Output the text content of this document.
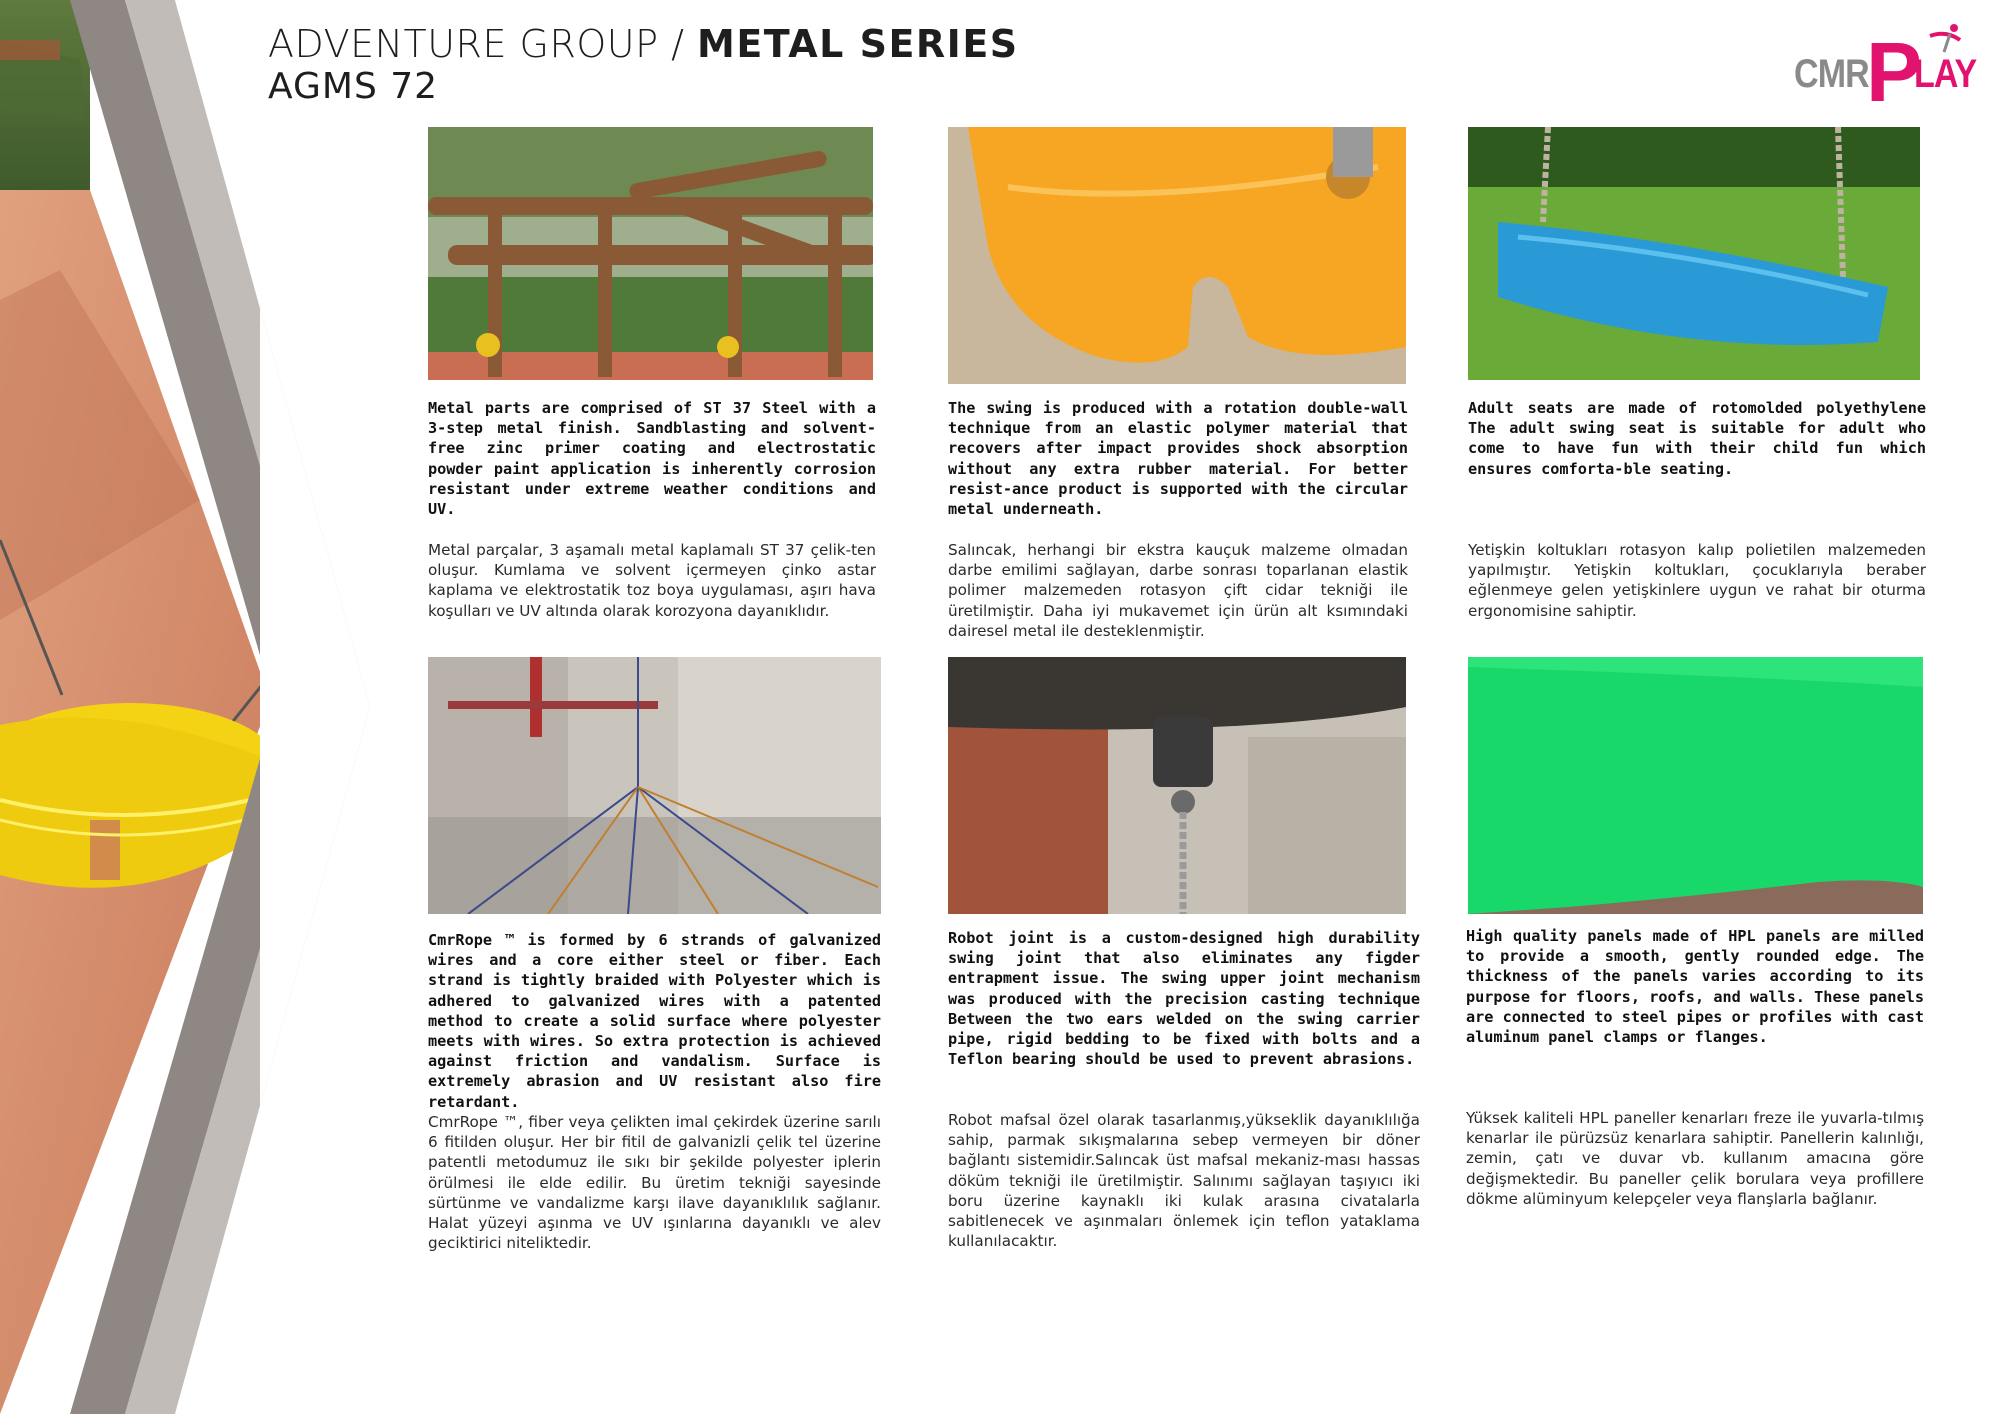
ADVENTURE GROUP / METAL SERIES
AGMS 72	CMR
P
LAY
Metal parts are comprised of ST 37 Steel with a 3-step metal finish. Sandblasting and solvent-free zinc primer coating and electrostatic powder paint application is inherently corrosion resistant under extreme weather conditions and UV.
Metal parçalar, 3 aşamalı metal kaplamalı ST 37 çelik-ten oluşur. Kumlama ve solvent içermeyen çinko astar kaplama ve elektrostatik toz boya uygulaması, aşırı hava koşulları ve UV altında olarak korozyona dayanıklıdır.
The swing is produced with a rotation double-wall technique from an elastic polymer material that recovers after impact provides shock absorption without any extra rubber material. For better resist-ance product is supported with the circular metal underneath.
Salıncak, herhangi bir ekstra kauçuk malzeme olmadan darbe emilimi sağlayan, darbe sonrası toparlanan elastik polimer malzemeden rotasyon çift cidar tekniği ile üretilmiştir. Daha iyi mukavemet için ürün alt ksımındaki dairesel metal ile desteklenmiştir.
Adult seats are made of rotomolded polyethylene The adult swing seat is suitable for adult who come to have fun with their child fun which ensures comforta-ble seating.
Yetişkin koltukları rotasyon kalıp polietilen malzemeden yapılmıştır. Yetişkin koltukları, çocuklarıyla beraber eğlenmeye gelen yetişkinlere uygun ve rahat bir oturma ergonomisine sahiptir.
CmrRope ™ is formed by 6 strands of galvanized wires and a core either steel or fiber. Each strand is tightly braided with Polyester which is adhered to galvanized wires with a patented method to create a solid surface where polyester meets with wires. So extra protection is achieved against friction and vandalism. Surface is extremely abrasion and UV resistant also fire retardant.
CmrRope ™, fiber veya çelikten imal çekirdek üzerine sarılı 6 fitilden oluşur. Her bir fitil de galvanizli çelik tel üzerine patentli metodumuz ile sıkı bir şekilde polyester iplerin örülmesi ile elde edilir. Bu üretim tekniği sayesinde sürtünme ve vandalizme karşı ilave dayanıklılık sağlanır. Halat yüzeyi aşınma ve UV ışınlarına dayanıklı ve alev geciktirici niteliktedir.
Robot joint is a custom-designed high durability swing joint that also eliminates any figder entrapment issue. The swing upper joint mechanism was produced with the precision casting technique Between the two ears welded on the swing carrier pipe, rigid bedding to be fixed with bolts and a Teflon bearing should be used to prevent abrasions.
Robot mafsal özel olarak tasarlanmış,yükseklik dayanıklılığa sahip, parmak sıkışmalarına sebep vermeyen bir döner bağlantı sistemidir.Salıncak üst mafsal mekaniz-ması hassas döküm tekniği ile üretilmiştir. Salınımı sağlayan taşıyıcı iki boru üzerine kaynaklı iki kulak arasına civatalarla sabitlenecek ve aşınmaları önlemek için teflon yataklama kullanılacaktır.
High quality panels made of HPL panels are milled to provide a smooth, gently rounded edge. The thickness of the panels varies according to its purpose for floors, roofs, and walls. These panels are connected to steel pipes or profiles with cast aluminum panel clamps or flanges.
Yüksek kaliteli HPL paneller kenarları freze ile yuvarla-tılmış kenarlar ile pürüzsüz kenarlara sahiptir. Panellerin kalınlığı, zemin, çatı ve duvar vb. kullanım amacına göre değişmektedir. Bu paneller çelik borulara veya profillere dökme alüminyum kelepçeler veya flanşlarla bağlanır.
